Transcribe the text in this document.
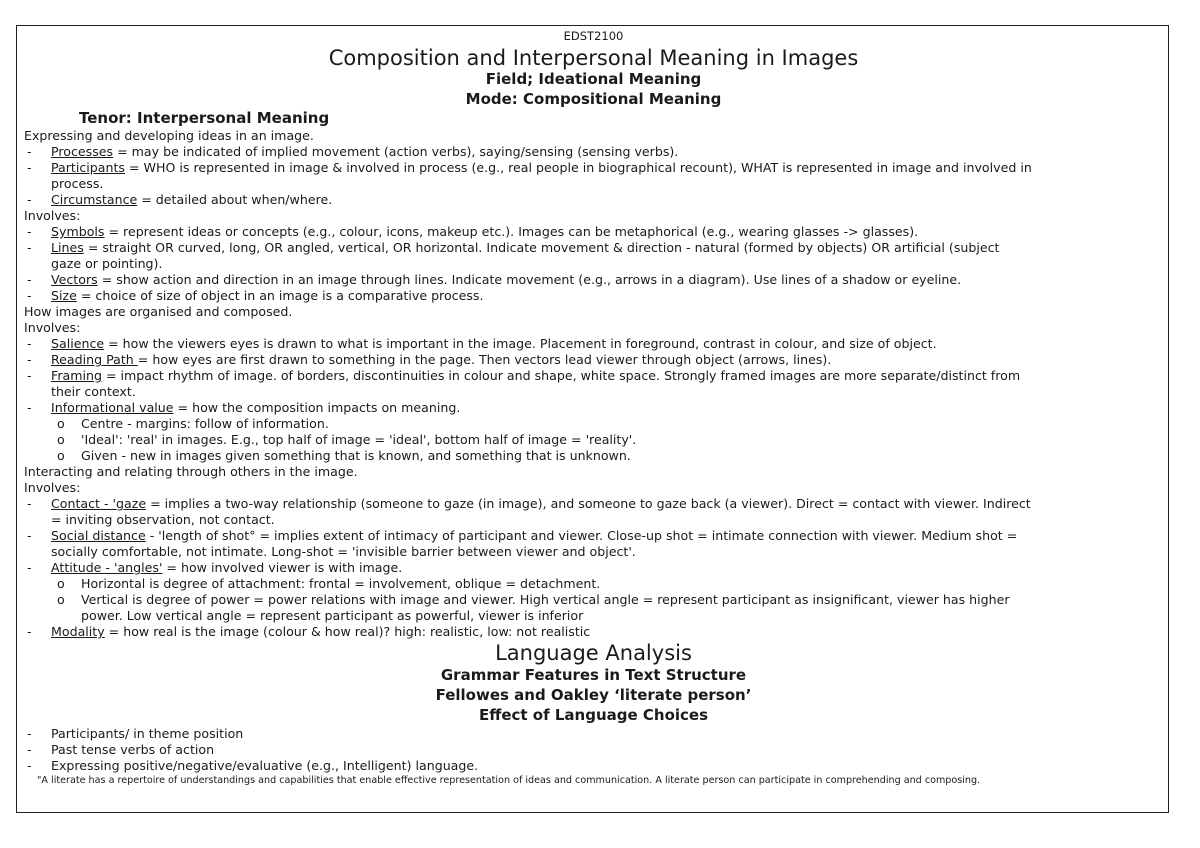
EDST2100
Composition and Interpersonal Meaning in Images
Field; Ideational Meaning
Mode: Compositional Meaning
Tenor: Interpersonal Meaning
Expressing and developing ideas in an image.
- Processes = may be indicated of implied movement (action verbs), saying/sensing (sensing verbs).
- Participants = WHO is represented in image & involved in process (e.g., real people in biographical recount), WHAT is represented in image and involved in
process.
- Circumstance = detailed about when/where.
Involves:
- Symbols = represent ideas or concepts (e.g., colour, icons, makeup etc.). Images can be metaphorical (e.g., wearing glasses -> glasses).
- Lines = straight OR curved, long, OR angled, vertical, OR horizontal. Indicate movement & direction - natural (formed by objects) OR artificial (subject
gaze or pointing).
- Vectors = show action and direction in an image through lines. Indicate movement (e.g., arrows in a diagram). Use lines of a shadow or eyeline.
- Size = choice of size of object in an image is a comparative process.
How images are organised and composed.
Involves:
- Salience = how the viewers eyes is drawn to what is important in the image. Placement in foreground, contrast in colour, and size of object.
- Reading Path = how eyes are first drawn to something in the page. Then vectors lead viewer through object (arrows, lines).
- Framing = impact rhythm of image. of borders, discontinuities in colour and shape, white space. Strongly framed images are more separate/distinct from
their context.
- Informational value = how the composition impacts on meaning.
o Centre - margins: follow of information.
o 'Ideal': 'real' in images. E.g., top half of image = 'ideal', bottom half of image = 'reality'.
o Given - new in images given something that is known, and something that is unknown.
Interacting and relating through others in the image.
Involves:
- Contact - 'gaze = implies a two-way relationship (someone to gaze (in image), and someone to gaze back (a viewer). Direct = contact with viewer. Indirect
= inviting observation, not contact.
- Social distance - 'length of shot° = implies extent of intimacy of participant and viewer. Close-up shot = intimate connection with viewer. Medium shot =
socially comfortable, not intimate. Long-shot = 'invisible barrier between viewer and object'.
- Attitude - 'angles' = how involved viewer is with image.
o Horizontal is degree of attachment: frontal = involvement, oblique = detachment.
o Vertical is degree of power = power relations with image and viewer. High vertical angle = represent participant as insignificant, viewer has higher
power. Low vertical angle = represent participant as powerful, viewer is inferior
- Modality = how real is the image (colour & how real)? high: realistic, low: not realistic
Language Analysis
Grammar Features in Text Structure
Fellowes and Oakley ‘literate person’
Effect of Language Choices
- Participants/ in theme position
- Past tense verbs of action
- Expressing positive/negative/evaluative (e.g., Intelligent) language.
"A literate has a repertoire of understandings and capabilities that enable effective representation of ideas and communication. A literate person can participate in comprehending and composing.
